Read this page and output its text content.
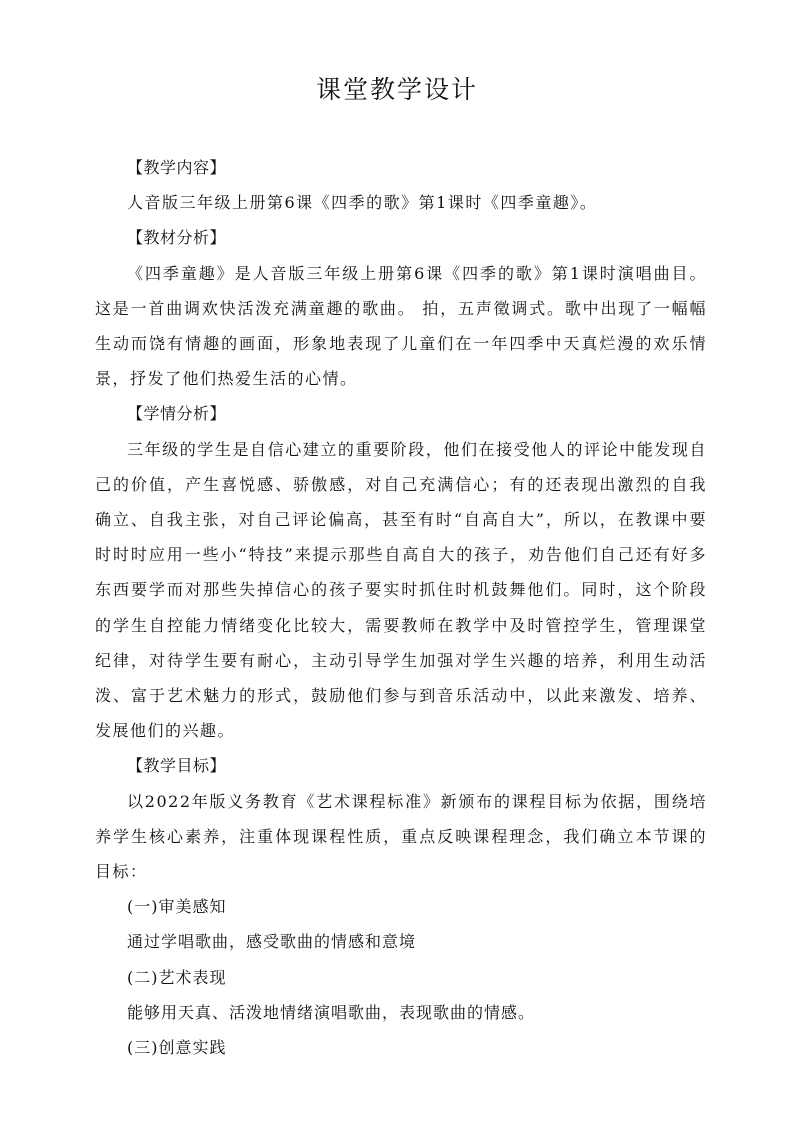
课堂教学设计

【教学内容】

人音版三年级上册第6课《四季的歌》第1课时《四季童趣》。

【教材分析】

《四季童趣》是人音版三年级上册第6课《四季的歌》第1课时演唱曲目。这是一首曲调欢快活泼充满童趣的歌曲。 拍，五声徵调式。歌中出现了一幅幅生动而饶有情趣的画面，形象地表现了儿童们在一年四季中天真烂漫的欢乐情景，抒发了他们热爱生活的心情。

【学情分析】

三年级的学生是自信心建立的重要阶段，他们在接受他人的评论中能发现自己的价值，产生喜悦感、骄傲感，对自己充满信心；有的还表现出激烈的自我确立、自我主张，对自己评论偏高，甚至有时“自高自大”，所以，在教课中要时时时应用一些小“特技”来提示那些自高自大的孩子，劝告他们自己还有好多东西要学而对那些失掉信心的孩子要实时抓住时机鼓舞他们。同时，这个阶段的学生自控能力情绪变化比较大，需要教师在教学中及时管控学生，管理课堂纪律，对待学生要有耐心，主动引导学生加强对学生兴趣的培养，利用生动活泼、富于艺术魅力的形式，鼓励他们参与到音乐活动中，以此来激发、培养、发展他们的兴趣。

【教学目标】

以2022年版义务教育《艺术课程标准》新颁布的课程目标为依据，围绕培养学生核心素养，注重体现课程性质，重点反映课程理念，我们确立本节课的目标：

(一)审美感知

通过学唱歌曲，感受歌曲的情感和意境

(二)艺术表现

能够用天真、活泼地情绪演唱歌曲，表现歌曲的情感。

(三)创意实践
